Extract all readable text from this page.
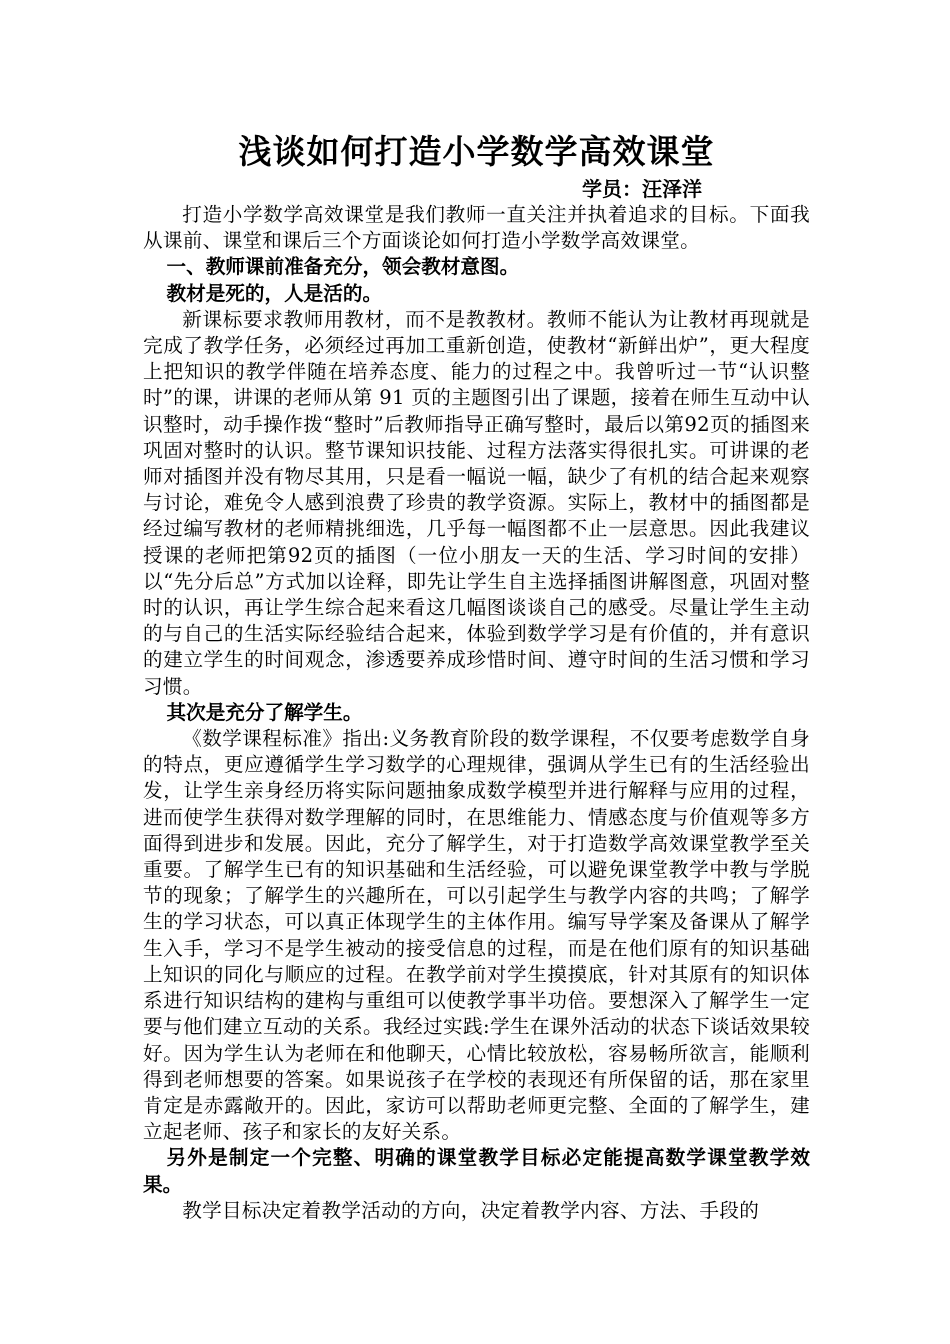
浅谈如何打造小学数学高效课堂

学员：汪泽洋

打造小学数学高效课堂是我们教师一直关注并执着追求的目标。下面我从课前、课堂和课后三个方面谈论如何打造小学数学高效课堂。

一、教师课前准备充分，领会教材意图。

教材是死的，人是活的。

新课标要求教师用教材，而不是教教材。教师不能认为让教材再现就是完成了教学任务，必须经过再加工重新创造，使教材“新鲜出炉”，更大程度上把知识的教学伴随在培养态度、能力的过程之中。我曾听过一节“认识整时”的课，讲课的老师从第 91 页的主题图引出了课题，接着在师生互动中认识整时，动手操作拨“整时”后教师指导正确写整时，最后以第92页的插图来巩固对整时的认识。整节课知识技能、过程方法落实得很扎实。可讲课的老师对插图并没有物尽其用，只是看一幅说一幅，缺少了有机的结合起来观察与讨论，难免令人感到浪费了珍贵的教学资源。实际上，教材中的插图都是经过编写教材的老师精挑细选，几乎每一幅图都不止一层意思。因此我建议授课的老师把第92页的插图（一位小朋友一天的生活、学习时间的安排）以“先分后总”方式加以诠释，即先让学生自主选择插图讲解图意，巩固对整时的认识，再让学生综合起来看这几幅图谈谈自己的感受。尽量让学生主动的与自己的生活实际经验结合起来，体验到数学学习是有价值的，并有意识的建立学生的时间观念，渗透要养成珍惜时间、遵守时间的生活习惯和学习习惯。

其次是充分了解学生。

《数学课程标准》指出:义务教育阶段的数学课程，不仅要考虑数学自身的特点，更应遵循学生学习数学的心理规律，强调从学生已有的生活经验出发，让学生亲身经历将实际问题抽象成数学模型并进行解释与应用的过程，进而使学生获得对数学理解的同时，在思维能力、情感态度与价值观等多方面得到进步和发展。因此，充分了解学生，对于打造数学高效课堂教学至关重要。了解学生已有的知识基础和生活经验，可以避免课堂教学中教与学脱节的现象；了解学生的兴趣所在，可以引起学生与教学内容的共鸣；了解学生的学习状态，可以真正体现学生的主体作用。编写导学案及备课从了解学生入手，学习不是学生被动的接受信息的过程，而是在他们原有的知识基础上知识的同化与顺应的过程。在教学前对学生摸摸底，针对其原有的知识体系进行知识结构的建构与重组可以使教学事半功倍。要想深入了解学生一定要与他们建立互动的关系。我经过实践:学生在课外活动的状态下谈话效果较好。因为学生认为老师在和他聊天，心情比较放松，容易畅所欲言，能顺利得到老师想要的答案。如果说孩子在学校的表现还有所保留的话，那在家里肯定是赤露敞开的。因此，家访可以帮助老师更完整、全面的了解学生，建立起老师、孩子和家长的友好关系。

另外是制定一个完整、明确的课堂教学目标必定能提高数学课堂教学效果。

教学目标决定着教学活动的方向，决定着教学内容、方法、手段的
